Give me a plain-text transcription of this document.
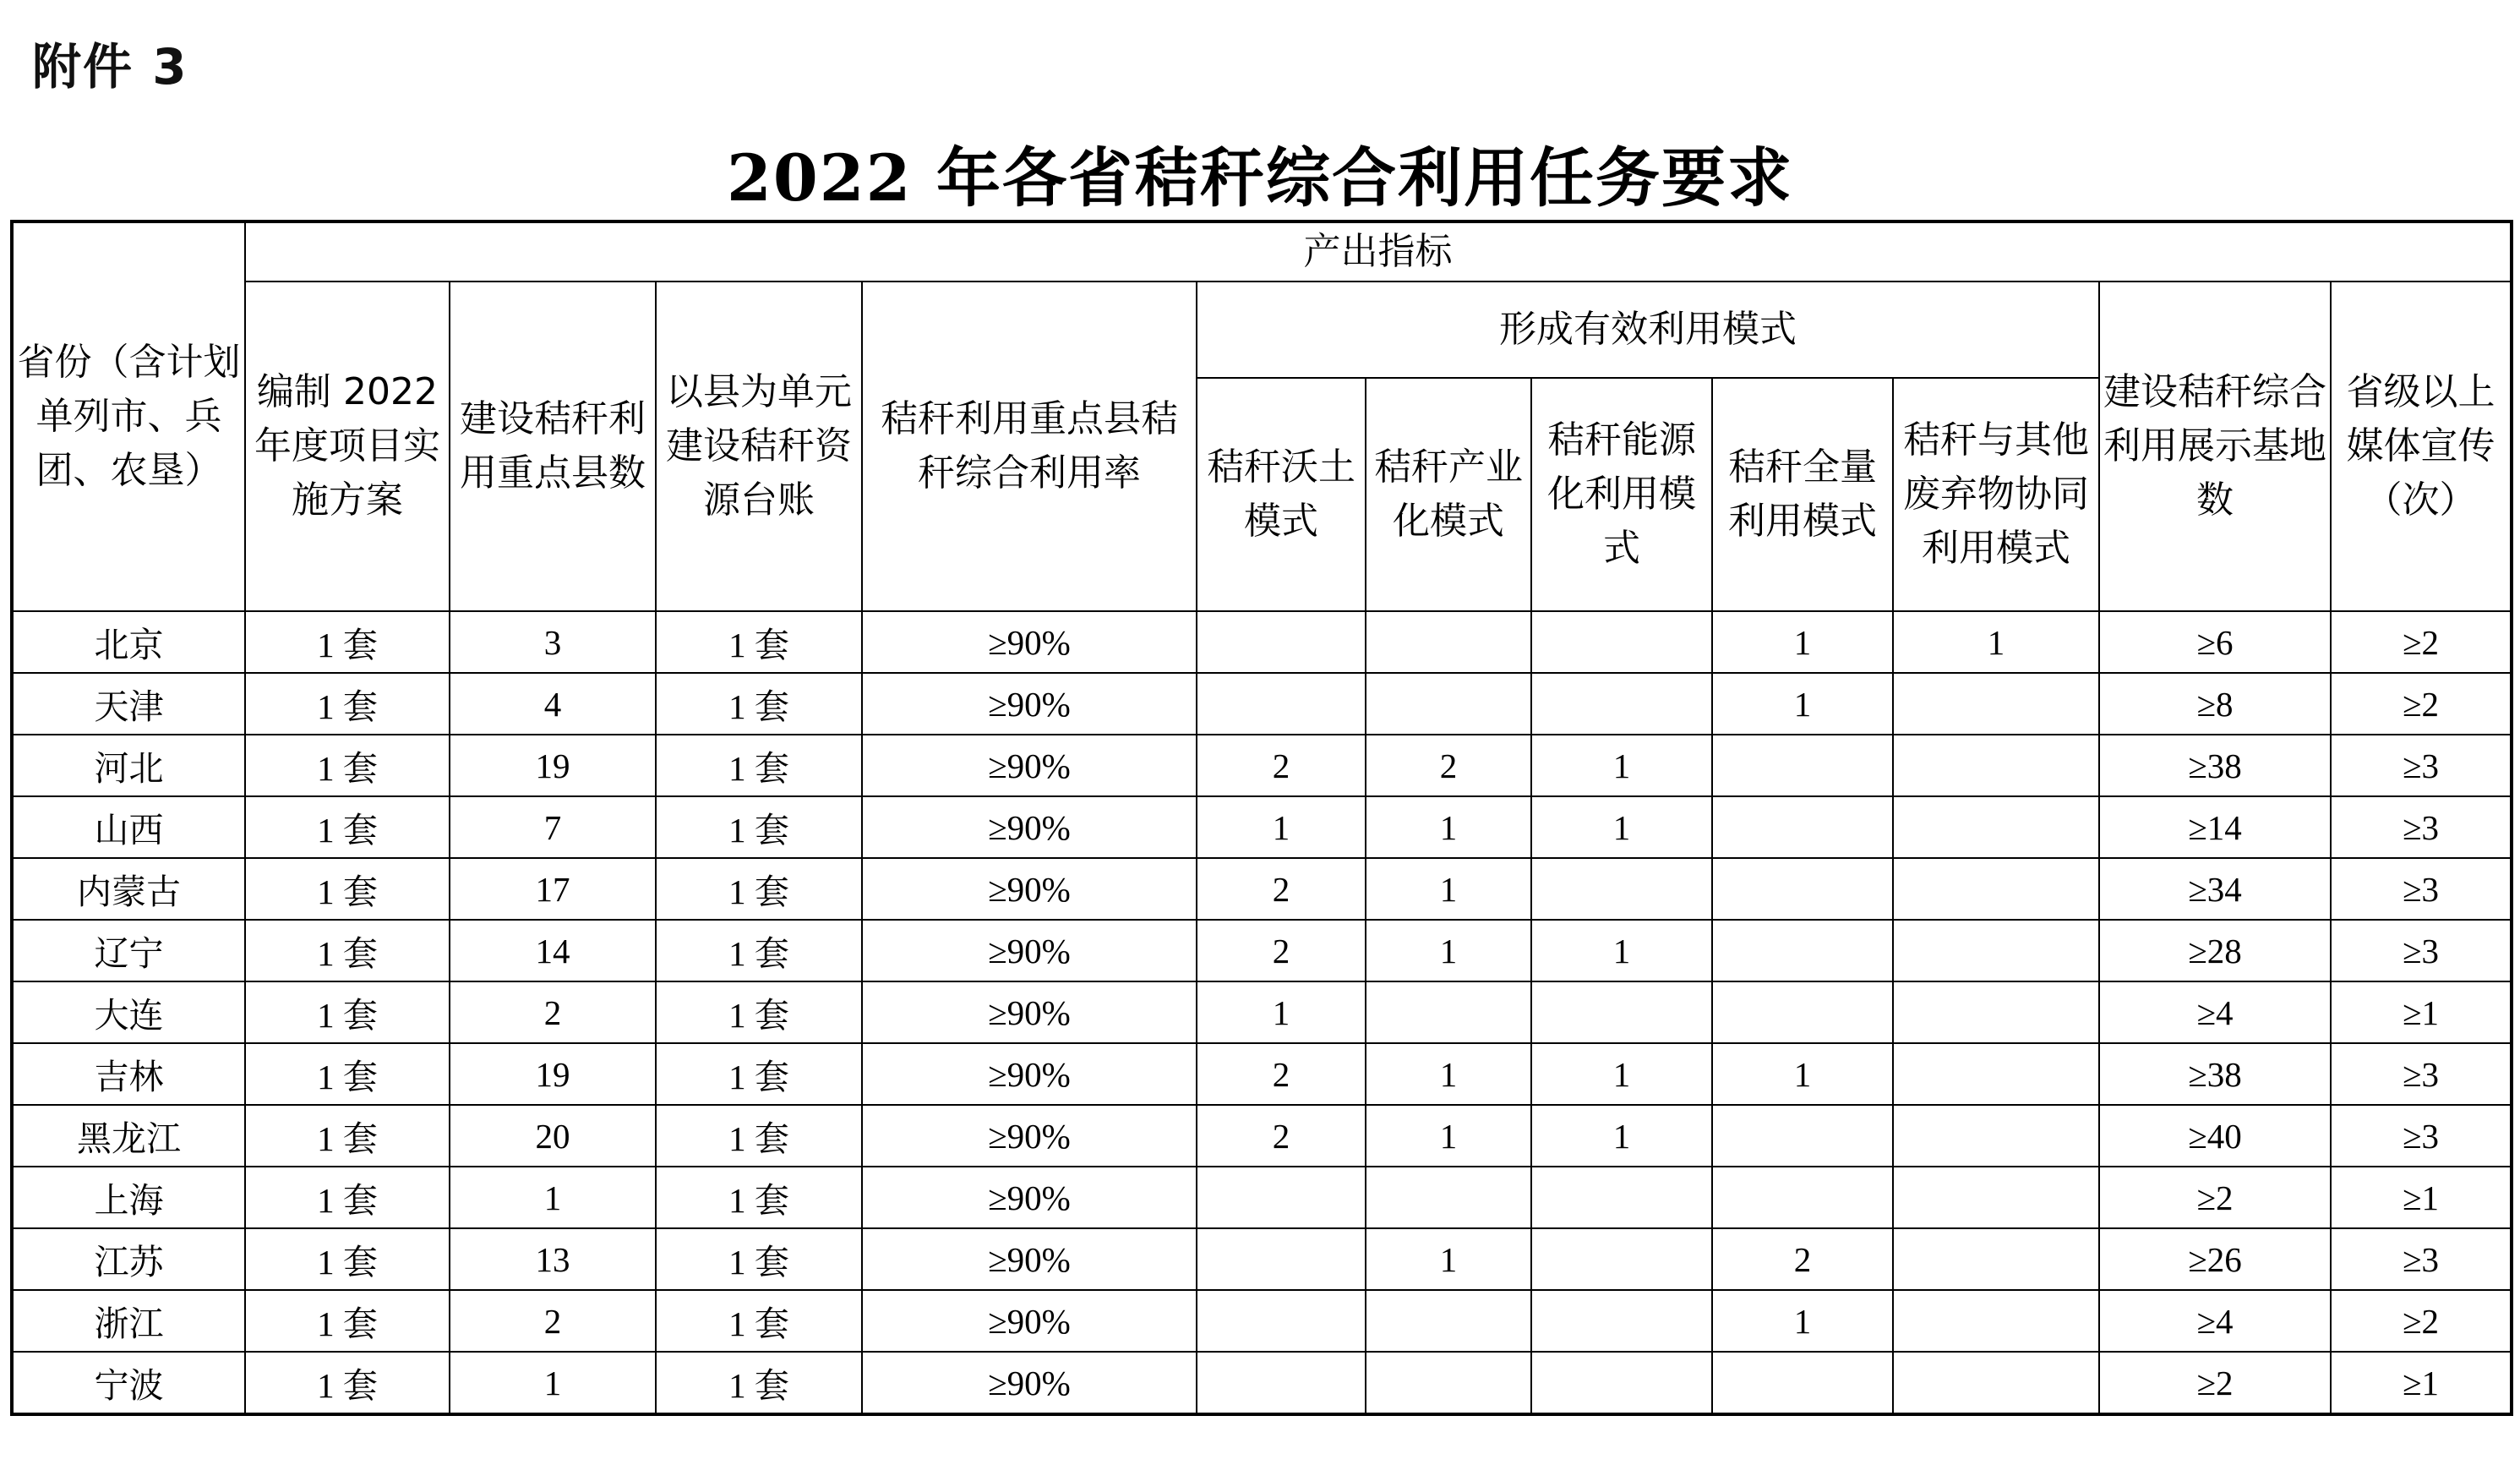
附件 3
2022 年各省秸秆综合利用任务要求
省份（含计划单列市、兵团、农垦）	产出指标										
	编制 2022 年度项目实施方案	建设秸秆利用重点县数	以县为单元建设秸秆资源台账	秸秆利用重点县秸秆综合利用率	形成有效利用模式					建设秸秆综合利用展示基地数	省级以上媒体宣传（次）
					秸秆沃土模式	秸秆产业化模式	秸秆能源化利用模式	秸秆全量利用模式	秸秆与其他废弃物协同利用模式		
北京	1 套	3	1 套	≥90%				1	1	≥6	≥2
天津	1 套	4	1 套	≥90%				1		≥8	≥2
河北	1 套	19	1 套	≥90%	2	2	1			≥38	≥3
山西	1 套	7	1 套	≥90%	1	1	1			≥14	≥3
内蒙古	1 套	17	1 套	≥90%	2	1				≥34	≥3
辽宁	1 套	14	1 套	≥90%	2	1	1			≥28	≥3
大连	1 套	2	1 套	≥90%	1					≥4	≥1
吉林	1 套	19	1 套	≥90%	2	1	1	1		≥38	≥3
黑龙江	1 套	20	1 套	≥90%	2	1	1			≥40	≥3
上海	1 套	1	1 套	≥90%						≥2	≥1
江苏	1 套	13	1 套	≥90%		1		2		≥26	≥3
浙江	1 套	2	1 套	≥90%				1		≥4	≥2
宁波	1 套	1	1 套	≥90%						≥2	≥1
